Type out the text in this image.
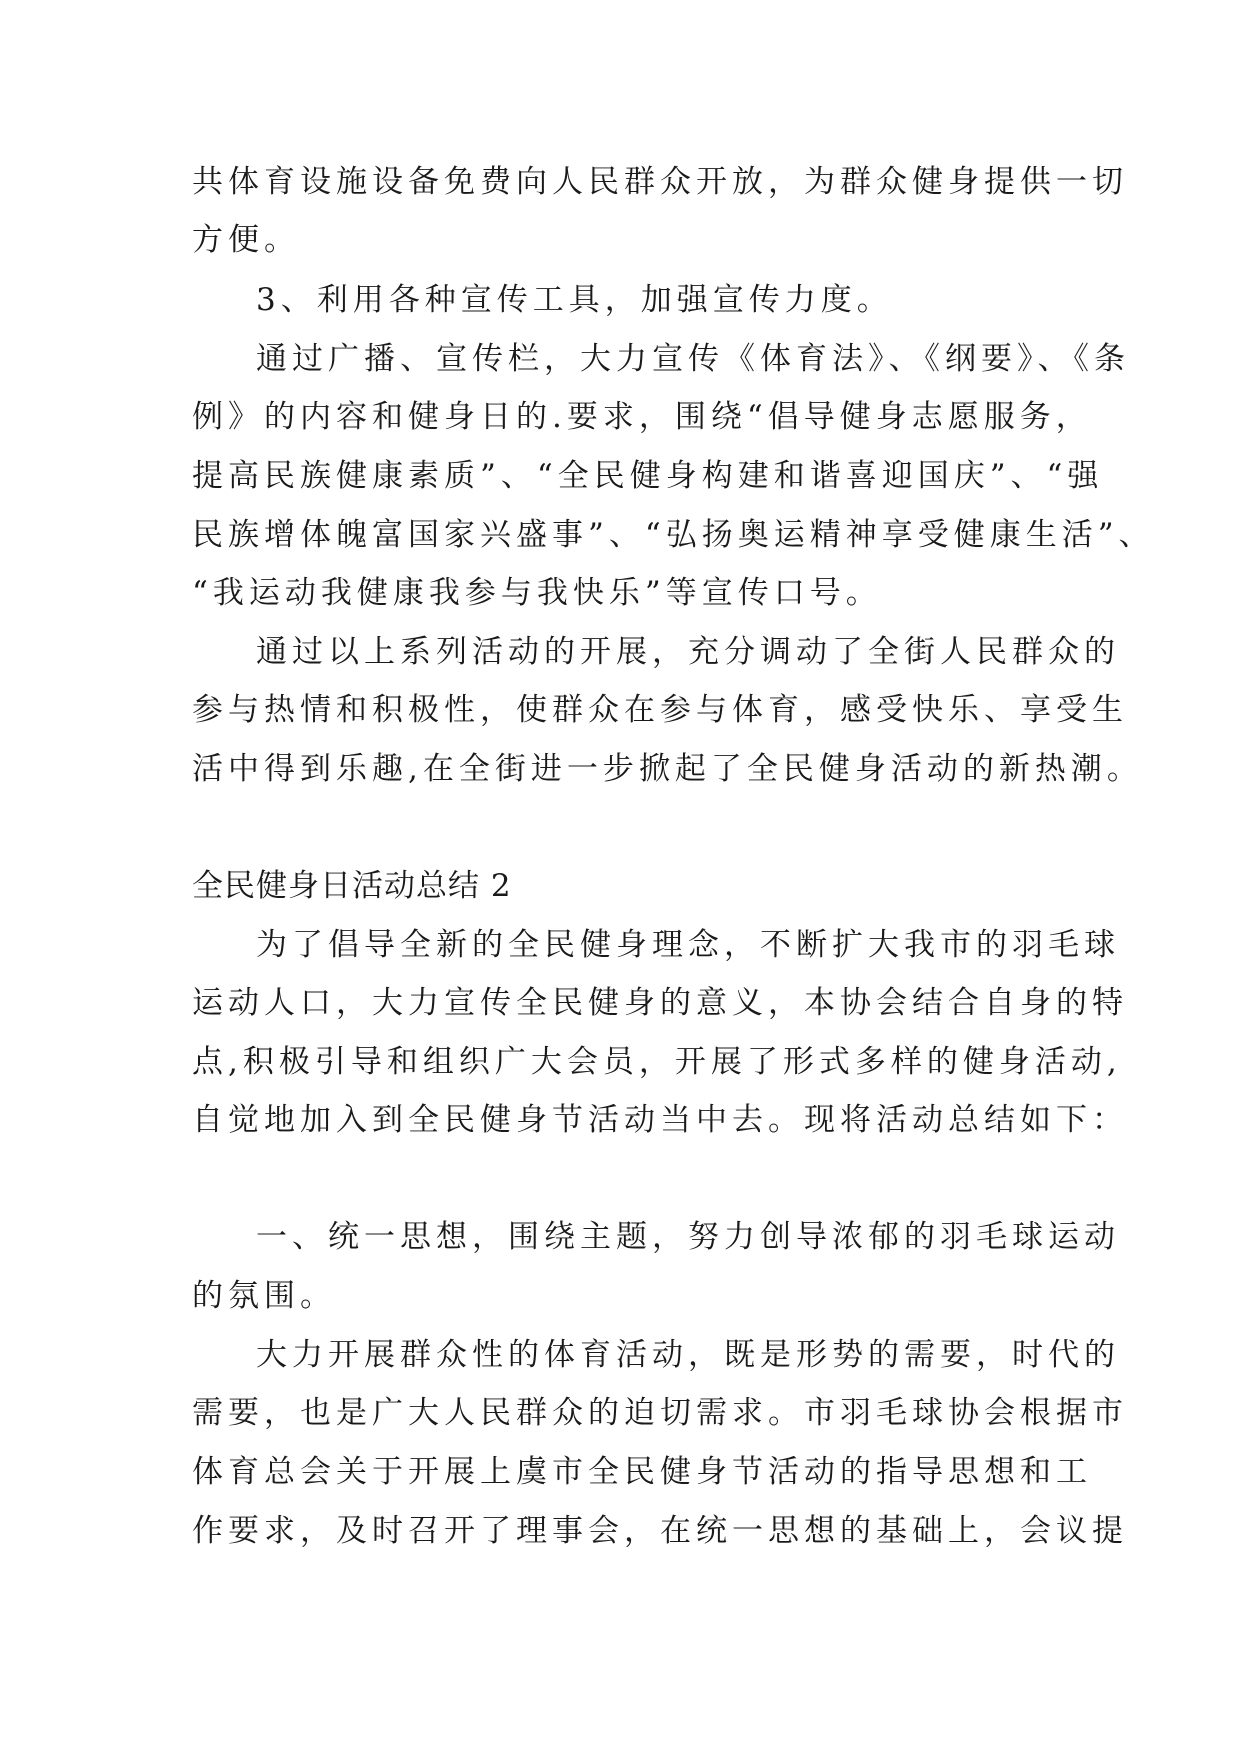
共体育设施设备免费向人民群众开放，为群众健身提供一切

方便。

3、利用各种宣传工具，加强宣传力度。

通过广播、宣传栏，大力宣传《体育法》、《纲要》、《条

例》的内容和健身日的.要求，围绕“倡导健身志愿服务，

提高民族健康素质”、“全民健身构建和谐喜迎国庆”、“强

民族增体魄富国家兴盛事”、“弘扬奥运精神享受健康生活”、

“我运动我健康我参与我快乐”等宣传口号。

通过以上系列活动的开展，充分调动了全街人民群众的

参与热情和积极性，使群众在参与体育，感受快乐、享受生

活中得到乐趣,在全街进一步掀起了全民健身活动的新热潮。

全民健身日活动总结 2

为了倡导全新的全民健身理念，不断扩大我市的羽毛球

运动人口，大力宣传全民健身的意义，本协会结合自身的特

点,积极引导和组织广大会员，开展了形式多样的健身活动,

自觉地加入到全民健身节活动当中去。现将活动总结如下：

一、统一思想，围绕主题，努力创导浓郁的羽毛球运动

的氛围。

大力开展群众性的体育活动，既是形势的需要，时代的

需要，也是广大人民群众的迫切需求。市羽毛球协会根据市

体育总会关于开展上虞市全民健身节活动的指导思想和工

作要求，及时召开了理事会，在统一思想的基础上，会议提
